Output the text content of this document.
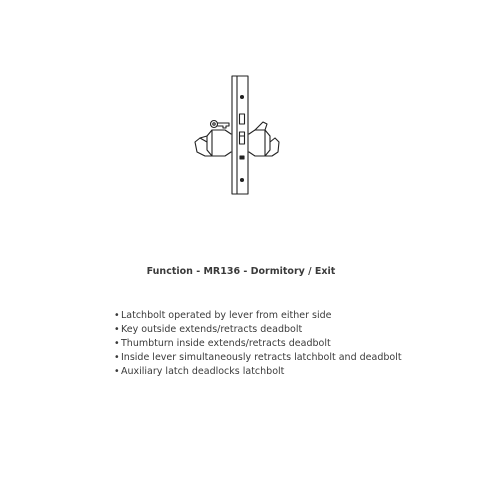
Function - MR136 - Dormitory / Exit
•Latchbolt operated by lever from either side
•Key outside extends/retracts deadbolt
•Thumbturn inside extends/retracts deadbolt
•Inside lever simultaneously retracts latchbolt and deadbolt
•Auxiliary latch deadlocks latchbolt
